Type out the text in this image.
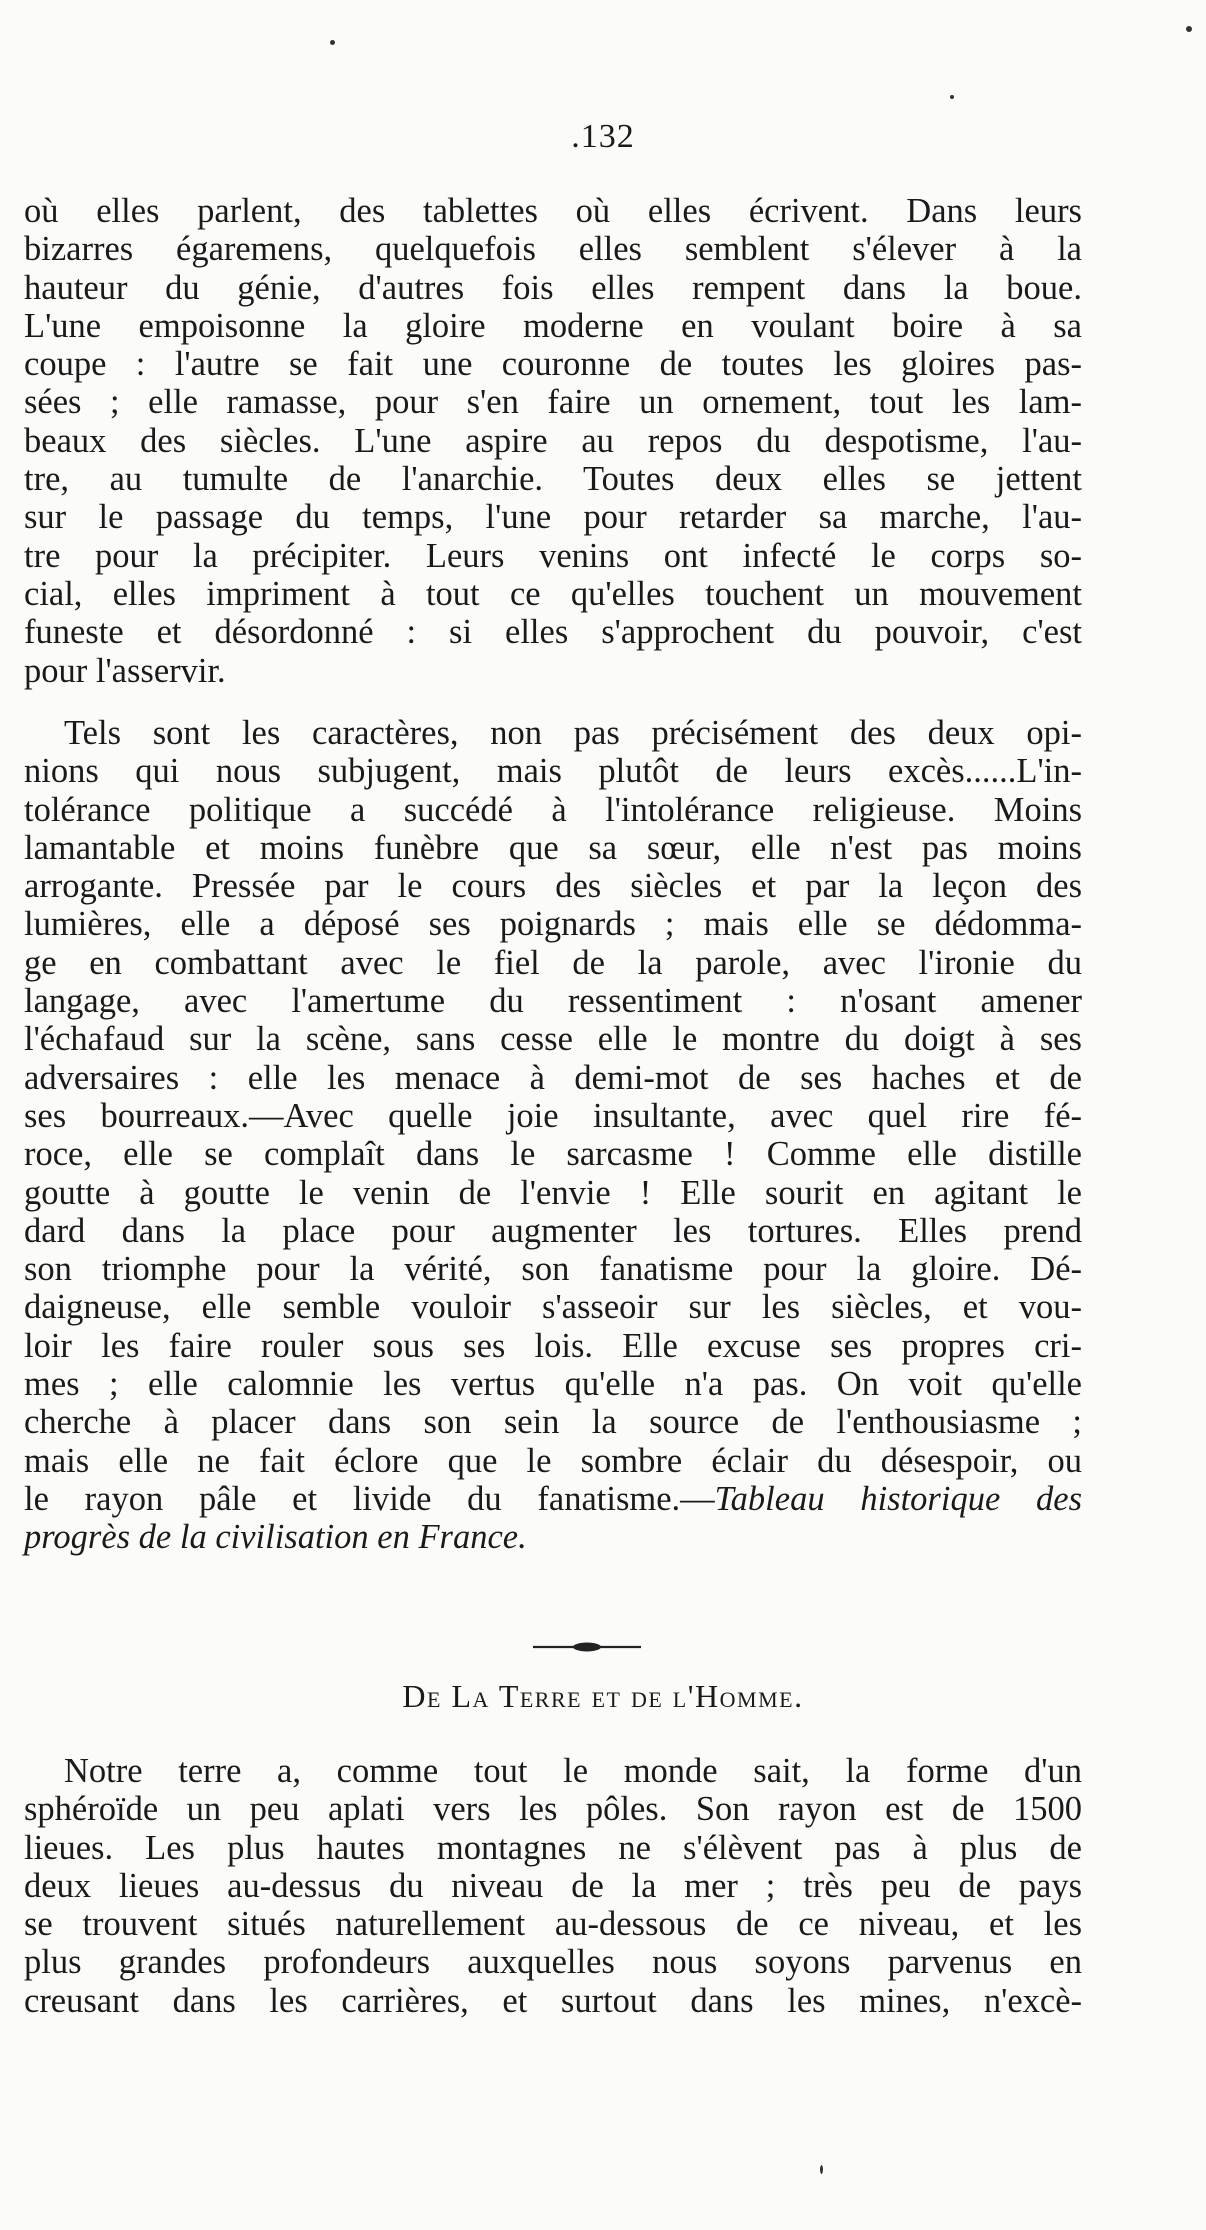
.132
où elles parlent, des tablettes où elles écrivent. Dans leurs
bizarres égaremens, quelquefois elles semblent s'élever à la
hauteur du génie, d'autres fois elles rempent dans la boue.
L'une empoisonne la gloire moderne en voulant boire à sa
coupe : l'autre se fait une couronne de toutes les gloires pas-
sées ; elle ramasse, pour s'en faire un ornement, tout les lam-
beaux des siècles. L'une aspire au repos du despotisme, l'au-
tre, au tumulte de l'anarchie. Toutes deux elles se jettent
sur le passage du temps, l'une pour retarder sa marche, l'au-
tre pour la précipiter. Leurs venins ont infecté le corps so-
cial, elles impriment à tout ce qu'elles touchent un mouvement
funeste et désordonné : si elles s'approchent du pouvoir, c'est
pour l'asservir.
Tels sont les caractères, non pas précisément des deux opi-
nions qui nous subjugent, mais plutôt de leurs excès......L'in-
tolérance politique a succédé à l'intolérance religieuse. Moins
lamantable et moins funèbre que sa sœur, elle n'est pas moins
arrogante. Pressée par le cours des siècles et par la leçon des
lumières, elle a déposé ses poignards ; mais elle se dédomma-
ge en combattant avec le fiel de la parole, avec l'ironie du
langage, avec l'amertume du ressentiment : n'osant amener
l'échafaud sur la scène, sans cesse elle le montre du doigt à ses
adversaires : elle les menace à demi-mot de ses haches et de
ses bourreaux.—Avec quelle joie insultante, avec quel rire fé-
roce, elle se complaît dans le sarcasme ! Comme elle distille
goutte à goutte le venin de l'envie ! Elle sourit en agitant le
dard dans la place pour augmenter les tortures. Elles prend
son triomphe pour la vérité, son fanatisme pour la gloire. Dé-
daigneuse, elle semble vouloir s'asseoir sur les siècles, et vou-
loir les faire rouler sous ses lois. Elle excuse ses propres cri-
mes ; elle calomnie les vertus qu'elle n'a pas. On voit qu'elle
cherche à placer dans son sein la source de l'enthousiasme ;
mais elle ne fait éclore que le sombre éclair du désespoir, ou
le rayon pâle et livide du fanatisme.—Tableau historique des
progrès de la civilisation en France.
De La Terre et de l'Homme.
Notre terre a, comme tout le monde sait, la forme d'un
sphéroïde un peu aplati vers les pôles. Son rayon est de 1500
lieues. Les plus hautes montagnes ne s'élèvent pas à plus de
deux lieues au-dessus du niveau de la mer ; très peu de pays
se trouvent situés naturellement au-dessous de ce niveau, et les
plus grandes profondeurs auxquelles nous soyons parvenus en
creusant dans les carrières, et surtout dans les mines, n'excè-
